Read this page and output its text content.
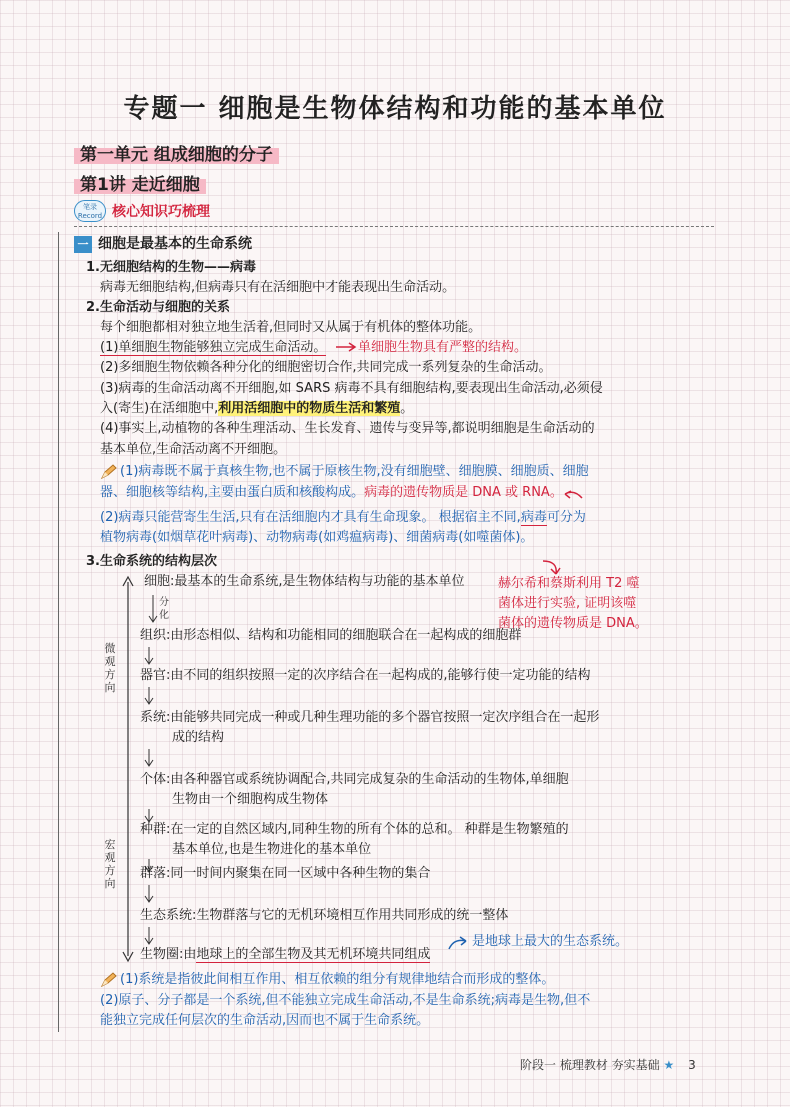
专题一 细胞是生物体结构和功能的基本单位
第一单元 组成细胞的分子
第1讲 走近细胞
笔录
Record 核心知识巧梳理
一 细胞是最基本的生命系统
1.无细胞结构的生物——病毒
病毒无细胞结构,但病毒只有在活细胞中才能表现出生命活动。
2.生命活动与细胞的关系
每个细胞都相对独立地生活着,但同时又从属于有机体的整体功能。
(1)单细胞生物能够独立完成生命活动。 单细胞生物具有严整的结构。
(2)多细胞生物依赖各种分化的细胞密切合作,共同完成一系列复杂的生命活动。
(3)病毒的生命活动离不开细胞,如 SARS 病毒不具有细胞结构,要表现出生命活动,必须侵
入(寄生)在活细胞中,利用活细胞中的物质生活和繁殖。
(4)事实上,动植物的各种生理活动、生长发育、遗传与变异等,都说明细胞是生命活动的
基本单位,生命活动离不开细胞。
(1)病毒既不属于真核生物,也不属于原核生物,没有细胞壁、细胞膜、细胞质、细胞
器、细胞核等结构,主要由蛋白质和核酸构成。病毒的遗传物质是 DNA 或 RNA。
(2)病毒只能营寄生生活,只有在活细胞内才具有生命现象。 根据宿主不同,病毒可分为
植物病毒(如烟草花叶病毒)、动物病毒(如鸡瘟病毒)、细菌病毒(如噬菌体)。
3.生命系统的结构层次
微观方向
宏观方向
细胞:最基本的生命系统,是生物体结构与功能的基本单位
分化
组织:由形态相似、结构和功能相同的细胞联合在一起构成的细胞群
器官:由不同的组织按照一定的次序结合在一起构成的,能够行使一定功能的结构
系统:由能够共同完成一种或几种生理功能的多个器官按照一定次序组合在一起形
成的结构
个体:由各种器官或系统协调配合,共同完成复杂的生命活动的生物体,单细胞
生物由一个细胞构成生物体
种群:在一定的自然区域内,同种生物的所有个体的总和。 种群是生物繁殖的
基本单位,也是生物进化的基本单位
群落:同一时间内聚集在同一区域中各种生物的集合
生态系统:生物群落与它的无机环境相互作用共同形成的统一整体
生物圈:由地球上的全部生物及其无机环境共同组成
是地球上最大的生态系统。
赫尔希和蔡斯利用 T2 噬
菌体进行实验, 证明该噬
菌体的遗传物质是 DNA。
(1)系统是指彼此间相互作用、相互依赖的组分有规律地结合而形成的整体。
(2)原子、分子都是一个系统,但不能独立完成生命活动,不是生命系统;病毒是生物,但不
能独立完成任何层次的生命活动,因而也不属于生命系统。
阶段一 梳理教材 夯实基础 ★ 3
